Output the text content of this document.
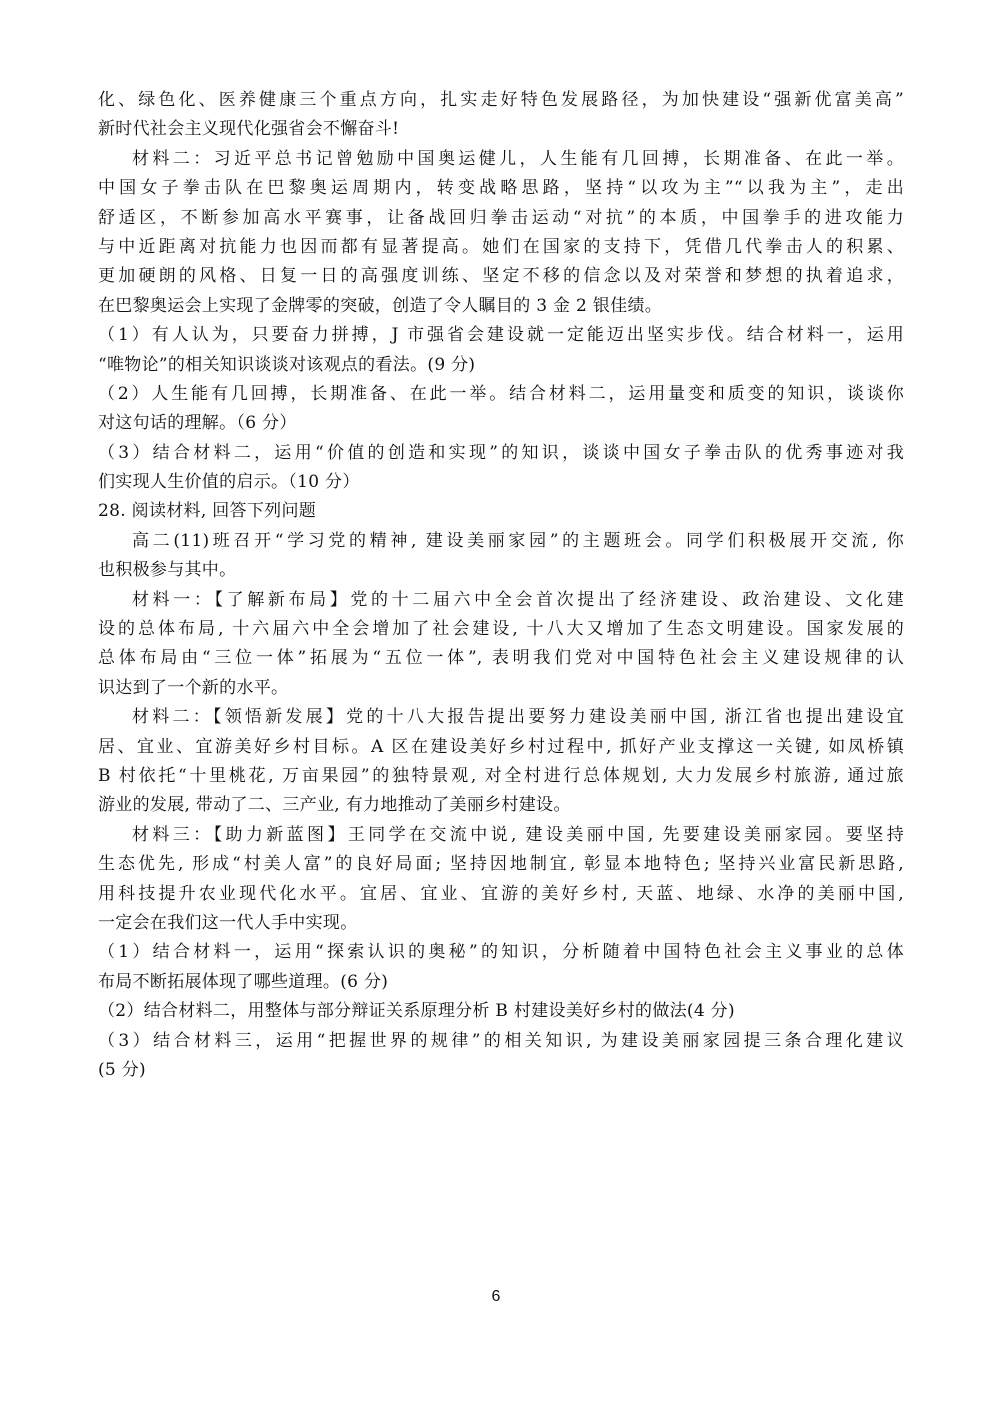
化、绿色化、医养健康三个重点方向，扎实走好特色发展路径，为加快建设“强新优富美高”
新时代社会主义现代化强省会不懈奋斗!
材料二：习近平总书记曾勉励中国奥运健儿，人生能有几回搏，长期准备、在此一举。
中国女子拳击队在巴黎奥运周期内，转变战略思路，坚持“以攻为主”“以我为主”，走出
舒适区，不断参加高水平赛事，让备战回归拳击运动“对抗”的本质，中国拳手的进攻能力
与中近距离对抗能力也因而都有显著提高。她们在国家的支持下，凭借几代拳击人的积累、
更加硬朗的风格、日复一日的高强度训练、坚定不移的信念以及对荣誉和梦想的执着追求，
在巴黎奥运会上实现了金牌零的突破，创造了令人瞩目的 3 金 2 银佳绩。
（1）有人认为，只要奋力拼搏，J 市强省会建设就一定能迈出坚实步伐。结合材料一，运用
“唯物论”的相关知识谈谈对该观点的看法。(9 分)
（2）人生能有几回搏，长期准备、在此一举。结合材料二，运用量变和质变的知识，谈谈你
对这句话的理解。（6 分）
（3）结合材料二，运用“价值的创造和实现”的知识，谈谈中国女子拳击队的优秀事迹对我
们实现人生价值的启示。（10 分）
28. 阅读材料, 回答下列问题
高二(11)班召开“学习党的精神, 建设美丽家园”的主题班会。同学们积极展开交流, 你
也积极参与其中。
材料一：【了解新布局】党的十二届六中全会首次提出了经济建设、政治建设、文化建
设的总体布局, 十六届六中全会增加了社会建设, 十八大又增加了生态文明建设。国家发展的
总体布局由“三位一体”拓展为“五位一体”, 表明我们党对中国特色社会主义建设规律的认
识达到了一个新的水平。
材料二：【领悟新发展】党的十八大报告提出要努力建设美丽中国, 浙江省也提出建设宜
居、宜业、宜游美好乡村目标。A 区在建设美好乡村过程中, 抓好产业支撑这一关键, 如凤桥镇
B 村依托“十里桃花, 万亩果园”的独特景观, 对全村进行总体规划, 大力发展乡村旅游, 通过旅
游业的发展, 带动了二、三产业, 有力地推动了美丽乡村建设。
材料三：【助力新蓝图】王同学在交流中说, 建设美丽中国, 先要建设美丽家园。要坚持
生态优先, 形成“村美人富”的良好局面; 坚持因地制宜, 彰显本地特色; 坚持兴业富民新思路,
用科技提升农业现代化水平。宜居、宜业、宜游的美好乡村, 天蓝、地绿、水净的美丽中国,
一定会在我们这一代人手中实现。
（1）结合材料一，运用“探索认识的奥秘”的知识，分析随着中国特色社会主义事业的总体
布局不断拓展体现了哪些道理。(6 分)
（2）结合材料二，用整体与部分辩证关系原理分析 B 村建设美好乡村的做法(4 分)
（3）结合材料三，运用“把握世界的规律”的相关知识, 为建设美丽家园提三条合理化建议
(5 分)
6
